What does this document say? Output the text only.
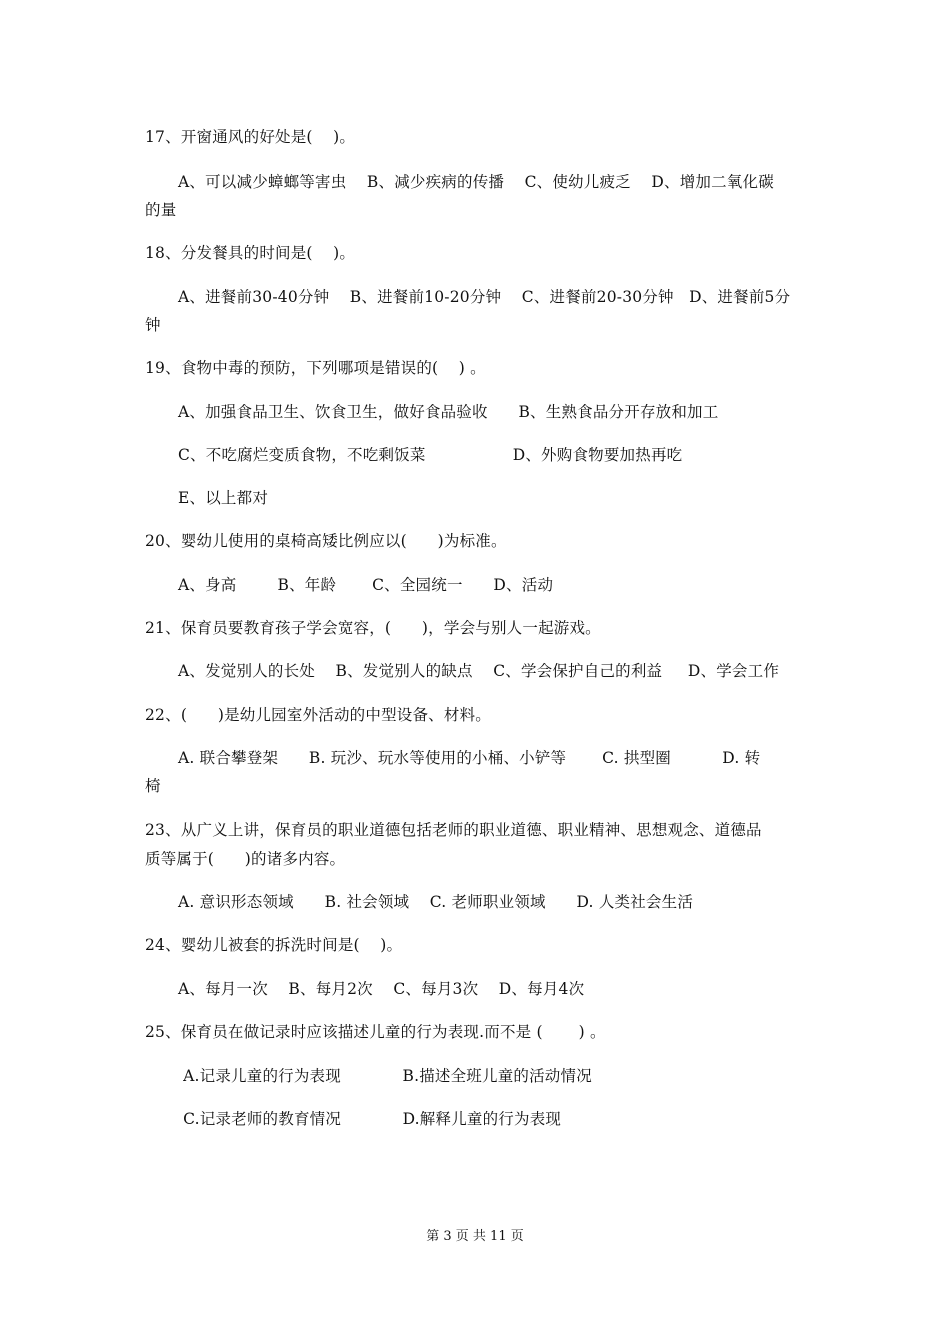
17、开窗通风的好处是(    )。
A、可以减少蟑螂等害虫    B、减少疾病的传播    C、使幼儿疲乏    D、增加二氧化碳
的量
18、分发餐具的时间是(    )。
A、进餐前30-40分钟    B、进餐前10-20分钟    C、进餐前20-30分钟   D、进餐前5分
钟
19、食物中毒的预防，下列哪项是错误的(    ) 。
A、加强食品卫生、饮食卫生，做好食品验收      B、生熟食品分开存放和加工
C、不吃腐烂变质食物，不吃剩饭菜                 D、外购食物要加热再吃
E、以上都对
20、婴幼儿使用的桌椅高矮比例应以(      )为标准。
A、身高        B、年龄       C、全园统一      D、活动
21、保育员要教育孩子学会宽容，(      )，学会与别人一起游戏。
A、发觉别人的长处    B、发觉别人的缺点    C、学会保护自己的利益     D、学会工作
22、(      )是幼儿园室外活动的中型设备、材料。
A. 联合攀登架      B. 玩沙、玩水等使用的小桶、小铲等       C. 拱型圈          D. 转
椅
23、从广义上讲，保育员的职业道德包括老师的职业道德、职业精神、思想观念、道德品
质等属于(      )的诸多内容。
A. 意识形态领域      B. 社会领域    C. 老师职业领域      D. 人类社会生活
24、婴幼儿被套的拆洗时间是(    )。
A、每月一次    B、每月2次    C、每月3次    D、每月4次
25、保育员在做记录时应该描述儿童的行为表现.而不是 (       ) 。
A.记录儿童的行为表现            B.描述全班儿童的活动情况
C.记录老师的教育情况            D.解释儿童的行为表现
第 3 页 共 11 页
